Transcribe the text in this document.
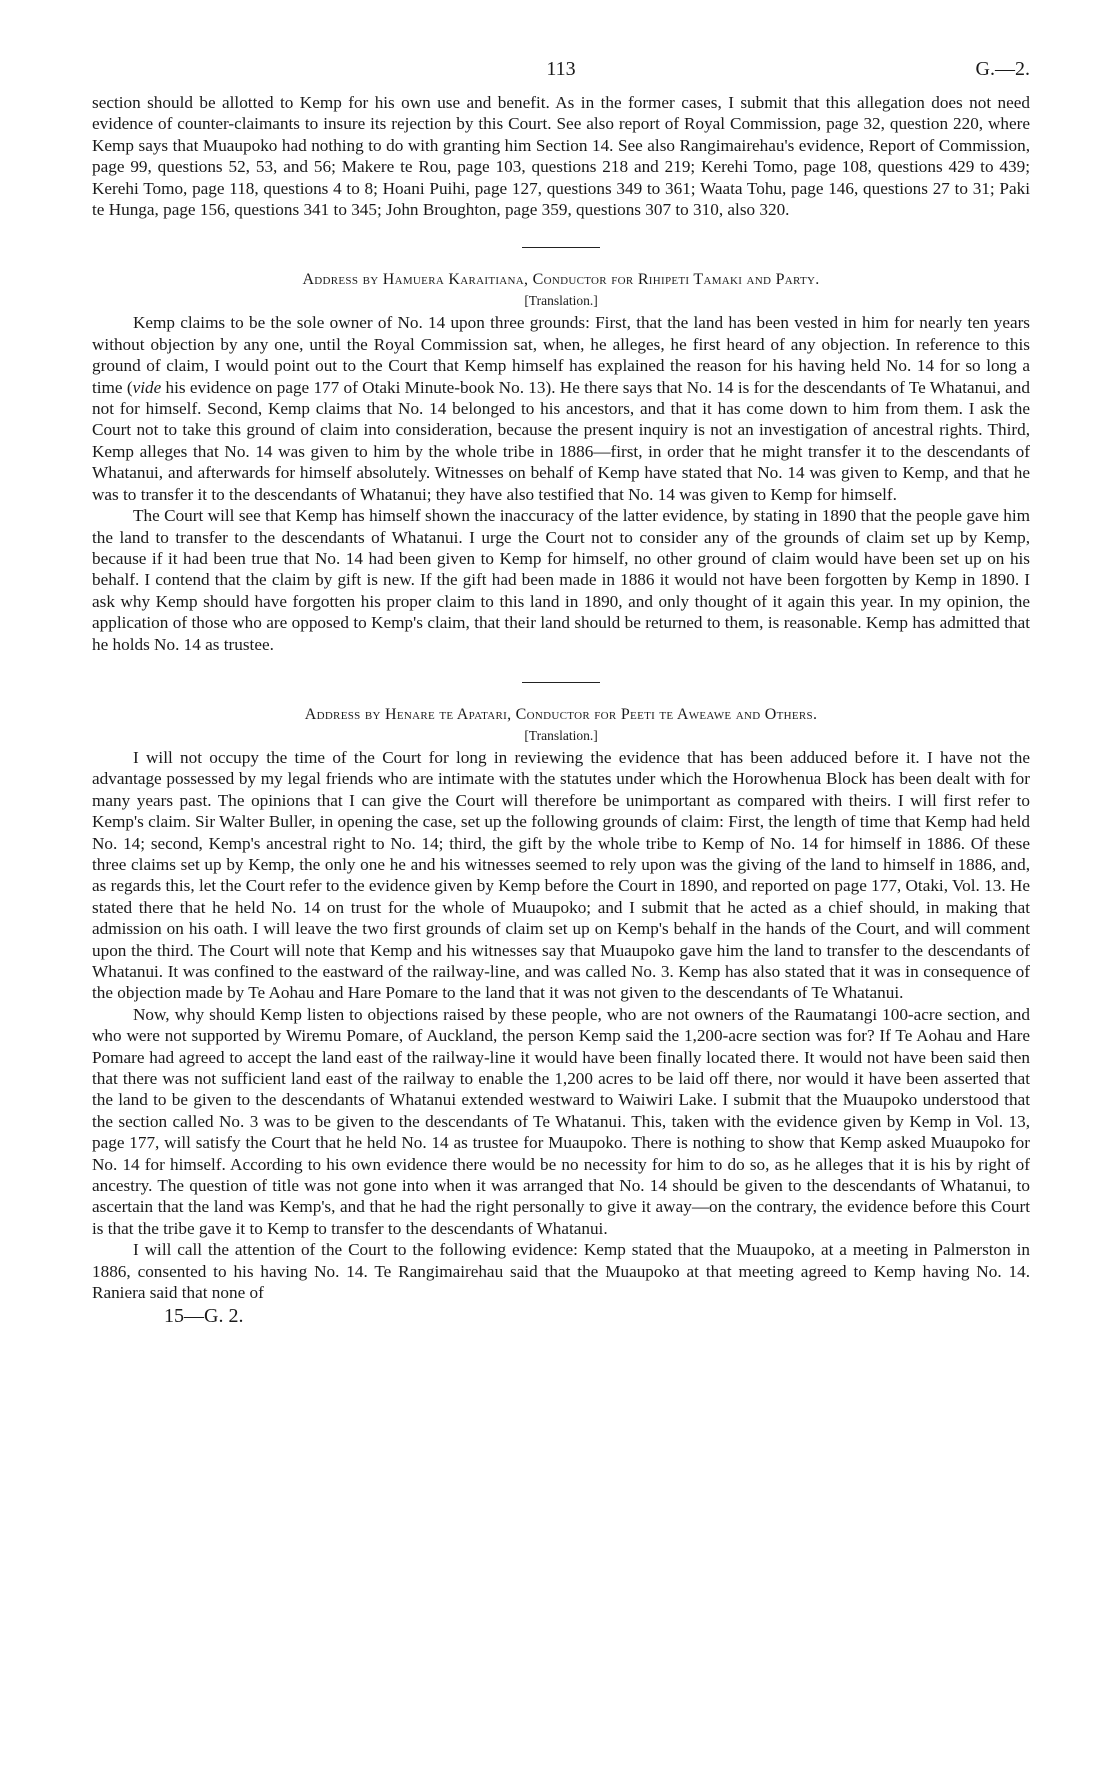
113	G.—2.

section should be allotted to Kemp for his own use and benefit. As in the former cases, I submit that this allegation does not need evidence of counter-claimants to insure its rejection by this Court. See also report of Royal Commission, page 32, question 220, where Kemp says that Muaupoko had nothing to do with granting him Section 14. See also Rangimairehau's evidence, Report of Commission, page 99, questions 52, 53, and 56; Makere te Rou, page 103, questions 218 and 219; Kerehi Tomo, page 108, questions 429 to 439; Kerehi Tomo, page 118, questions 4 to 8; Hoani Puihi, page 127, questions 349 to 361; Waata Tohu, page 146, questions 27 to 31; Paki te Hunga, page 156, questions 341 to 345; John Broughton, page 359, questions 307 to 310, also 320.

Address by Hamuera Karaitiana, Conductor for Rihipeti Tamaki and Party.
[Translation.]

Kemp claims to be the sole owner of No. 14 upon three grounds: First, that the land has been vested in him for nearly ten years without objection by any one, until the Royal Commission sat, when, he alleges, he first heard of any objection. In reference to this ground of claim, I would point out to the Court that Kemp himself has explained the reason for his having held No. 14 for so long a time (vide his evidence on page 177 of Otaki Minute-book No. 13). He there says that No. 14 is for the descendants of Te Whatanui, and not for himself. Second, Kemp claims that No. 14 belonged to his ancestors, and that it has come down to him from them. I ask the Court not to take this ground of claim into consideration, because the present inquiry is not an investigation of ancestral rights. Third, Kemp alleges that No. 14 was given to him by the whole tribe in 1886—first, in order that he might transfer it to the descendants of Whatanui, and afterwards for himself absolutely. Witnesses on behalf of Kemp have stated that No. 14 was given to Kemp, and that he was to transfer it to the descendants of Whatanui; they have also testified that No. 14 was given to Kemp for himself.

The Court will see that Kemp has himself shown the inaccuracy of the latter evidence, by stating in 1890 that the people gave him the land to transfer to the descendants of Whatanui. I urge the Court not to consider any of the grounds of claim set up by Kemp, because if it had been true that No. 14 had been given to Kemp for himself, no other ground of claim would have been set up on his behalf. I contend that the claim by gift is new. If the gift had been made in 1886 it would not have been forgotten by Kemp in 1890. I ask why Kemp should have forgotten his proper claim to this land in 1890, and only thought of it again this year. In my opinion, the application of those who are opposed to Kemp's claim, that their land should be returned to them, is reasonable. Kemp has admitted that he holds No. 14 as trustee.

Address by Henare te Apatari, Conductor for Peeti te Aweawe and Others.
[Translation.]

I will not occupy the time of the Court for long in reviewing the evidence that has been adduced before it. I have not the advantage possessed by my legal friends who are intimate with the statutes under which the Horowhenua Block has been dealt with for many years past. The opinions that I can give the Court will therefore be unimportant as compared with theirs. I will first refer to Kemp's claim. Sir Walter Buller, in opening the case, set up the following grounds of claim: First, the length of time that Kemp had held No. 14; second, Kemp's ancestral right to No. 14; third, the gift by the whole tribe to Kemp of No. 14 for himself in 1886. Of these three claims set up by Kemp, the only one he and his witnesses seemed to rely upon was the giving of the land to himself in 1886, and, as regards this, let the Court refer to the evidence given by Kemp before the Court in 1890, and reported on page 177, Otaki, Vol. 13. He stated there that he held No. 14 on trust for the whole of Muaupoko; and I submit that he acted as a chief should, in making that admission on his oath. I will leave the two first grounds of claim set up on Kemp's behalf in the hands of the Court, and will comment upon the third. The Court will note that Kemp and his witnesses say that Muaupoko gave him the land to transfer to the descendants of Whatanui. It was confined to the eastward of the railway-line, and was called No. 3. Kemp has also stated that it was in consequence of the objection made by Te Aohau and Hare Pomare to the land that it was not given to the descendants of Te Whatanui.

Now, why should Kemp listen to objections raised by these people, who are not owners of the Raumatangi 100-acre section, and who were not supported by Wiremu Pomare, of Auckland, the person Kemp said the 1,200-acre section was for? If Te Aohau and Hare Pomare had agreed to accept the land east of the railway-line it would have been finally located there. It would not have been said then that there was not sufficient land east of the railway to enable the 1,200 acres to be laid off there, nor would it have been asserted that the land to be given to the descendants of Whatanui extended westward to Waiwiri Lake. I submit that the Muaupoko understood that the section called No. 3 was to be given to the descendants of Te Whatanui. This, taken with the evidence given by Kemp in Vol. 13, page 177, will satisfy the Court that he held No. 14 as trustee for Muaupoko. There is nothing to show that Kemp asked Muaupoko for No. 14 for himself. According to his own evidence there would be no necessity for him to do so, as he alleges that it is his by right of ancestry. The question of title was not gone into when it was arranged that No. 14 should be given to the descendants of Whatanui, to ascertain that the land was Kemp's, and that he had the right personally to give it away—on the contrary, the evidence before this Court is that the tribe gave it to Kemp to transfer to the descendants of Whatanui.

I will call the attention of the Court to the following evidence: Kemp stated that the Muaupoko, at a meeting in Palmerston in 1886, consented to his having No. 14. Te Rangimairehau said that the Muaupoko at that meeting agreed to Kemp having No. 14. Raniera said that none of

15—G. 2.
